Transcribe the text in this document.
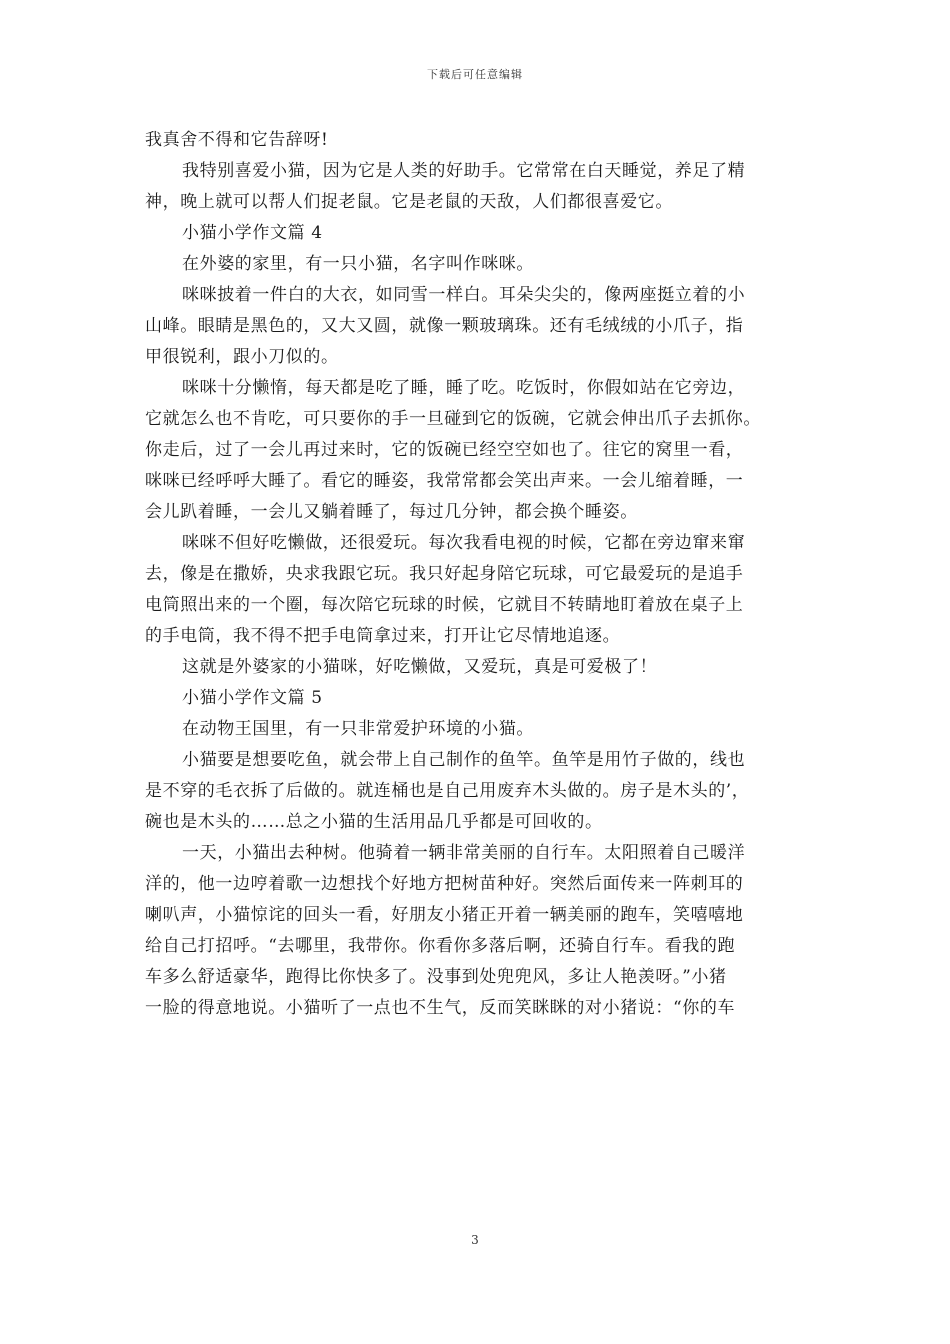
下载后可任意编辑
我真舍不得和它告辞呀!
我特别喜爱小猫，因为它是人类的好助手。它常常在白天睡觉，养足了精
神，晚上就可以帮人们捉老鼠。它是老鼠的天敌，人们都很喜爱它。
小猫小学作文篇 4
在外婆的家里，有一只小猫，名字叫作咪咪。
咪咪披着一件白的大衣，如同雪一样白。耳朵尖尖的，像两座挺立着的小
山峰。眼睛是黑色的，又大又圆，就像一颗玻璃珠。还有毛绒绒的小爪子，指
甲很锐利，跟小刀似的。
咪咪十分懒惰，每天都是吃了睡，睡了吃。吃饭时，你假如站在它旁边，
它就怎么也不肯吃，可只要你的手一旦碰到它的饭碗，它就会伸出爪子去抓你。
你走后，过了一会儿再过来时，它的饭碗已经空空如也了。往它的窝里一看，
咪咪已经呼呼大睡了。看它的睡姿，我常常都会笑出声来。一会儿缩着睡，一
会儿趴着睡，一会儿又躺着睡了，每过几分钟，都会换个睡姿。
咪咪不但好吃懒做，还很爱玩。每次我看电视的时候，它都在旁边窜来窜
去，像是在撒娇，央求我跟它玩。我只好起身陪它玩球，可它最爱玩的是追手
电筒照出来的一个圈，每次陪它玩球的时候，它就目不转睛地盯着放在桌子上
的手电筒，我不得不把手电筒拿过来，打开让它尽情地追逐。
这就是外婆家的小猫咪，好吃懒做，又爱玩，真是可爱极了！
小猫小学作文篇 5
在动物王国里，有一只非常爱护环境的小猫。
小猫要是想要吃鱼，就会带上自己制作的鱼竿。鱼竿是用竹子做的，线也
是不穿的毛衣拆了后做的。就连桶也是自己用废弃木头做的。房子是木头的’，
碗也是木头的……总之小猫的生活用品几乎都是可回收的。
一天，小猫出去种树。他骑着一辆非常美丽的自行车。太阳照着自己暖洋
洋的，他一边哼着歌一边想找个好地方把树苗种好。突然后面传来一阵刺耳的
喇叭声，小猫惊诧的回头一看，好朋友小猪正开着一辆美丽的跑车，笑嘻嘻地
给自己打招呼。“去哪里，我带你。你看你多落后啊，还骑自行车。看我的跑
车多么舒适豪华，跑得比你快多了。没事到处兜兜风，多让人艳羡呀。”小猪
一脸的得意地说。小猫听了一点也不生气，反而笑眯眯的对小猪说：“你的车
3
